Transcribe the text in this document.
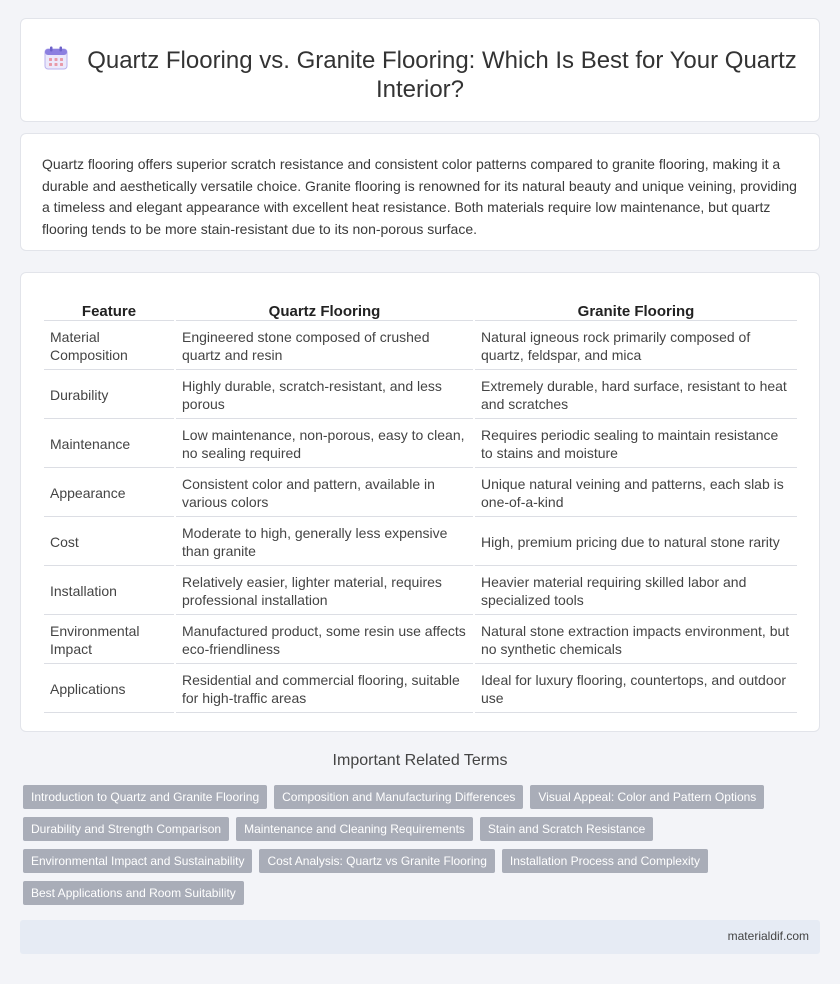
Quartz Flooring vs. Granite Flooring: Which Is Best for Your Quartz Interior?

Quartz flooring offers superior scratch resistance and consistent color patterns compared to granite flooring, making it a durable and aesthetically versatile choice. Granite flooring is renowned for its natural beauty and unique veining, providing a timeless and elegant appearance with excellent heat resistance. Both materials require low maintenance, but quartz flooring tends to be more stain-resistant due to its non-porous surface.

Feature	Quartz Flooring	Granite Flooring
Material Composition	Engineered stone composed of crushed quartz and resin	Natural igneous rock primarily composed of quartz, feldspar, and mica
Durability	Highly durable, scratch-resistant, and less porous	Extremely durable, hard surface, resistant to heat and scratches
Maintenance	Low maintenance, non-porous, easy to clean, no sealing required	Requires periodic sealing to maintain resistance to stains and moisture
Appearance	Consistent color and pattern, available in various colors	Unique natural veining and patterns, each slab is one-of-a-kind
Cost	Moderate to high, generally less expensive than granite	High, premium pricing due to natural stone rarity
Installation	Relatively easier, lighter material, requires professional installation	Heavier material requiring skilled labor and specialized tools
Environmental Impact	Manufactured product, some resin use affects eco-friendliness	Natural stone extraction impacts environment, but no synthetic chemicals
Applications	Residential and commercial flooring, suitable for high-traffic areas	Ideal for luxury flooring, countertops, and outdoor use
Important Related Terms
Introduction to Quartz and Granite Flooring	Composition and Manufacturing Differences	Visual Appeal: Color and Pattern Options
Durability and Strength Comparison	Maintenance and Cleaning Requirements	Stain and Scratch Resistance
Environmental Impact and Sustainability	Cost Analysis: Quartz vs Granite Flooring	Installation Process and Complexity
Best Applications and Room Suitability
materialdif.com
